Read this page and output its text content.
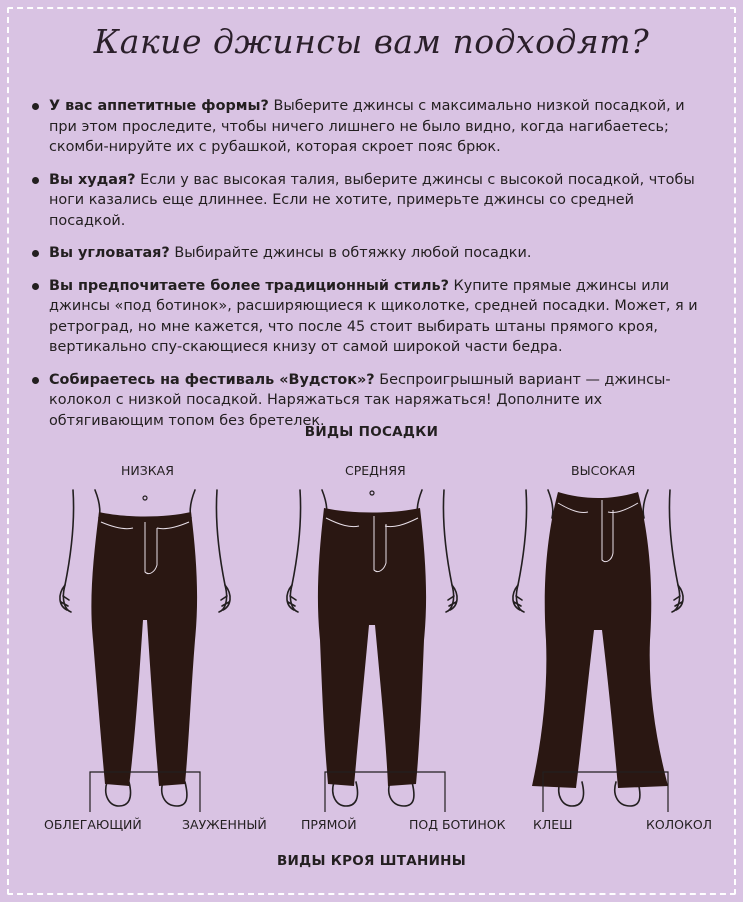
Какие джинсы вам подходят?
У вас аппетитные формы? Выберите джинсы с максимально низкой посадкой, и при этом проследите, чтобы ничего лишнего не было видно, когда нагибаетесь; скомби-нируйте их с рубашкой, которая скроет пояс брюк.
Вы худая? Если у вас высокая талия, выберите джинсы с высокой посадкой, чтобы ноги казались еще длиннее. Если не хотите, примерьте джинсы со средней посадкой.
Вы угловатая? Выбирайте джинсы в обтяжку любой посадки.
Вы предпочитаете более традиционный стиль? Купите прямые джинсы или джинсы «под ботинок», расширяющиеся к щиколотке, средней посадки. Может, я и ретроград, но мне кажется, что после 45 стоит выбирать штаны прямого кроя, вертикально спу-скающиеся книзу от самой широкой части бедра.
Собираетесь на фестиваль «Вудсток»? Беспроигрышный вариант — джинсы-колокол с низкой посадкой. Наряжаться так наряжаться! Дополните их обтягивающим топом без бретелек.
ВИДЫ ПОСАДКИ
НИЗКАЯ	СРЕДНЯЯ	ВЫСОКАЯ
ОБЛЕГАЮЩИЙ	ЗАУЖЕННЫЙ	ПРЯМОЙ	ПОД БОТИНОК КЛЕШ	КОЛОКОЛ
ВИДЫ КРОЯ ШТАНИНЫ
